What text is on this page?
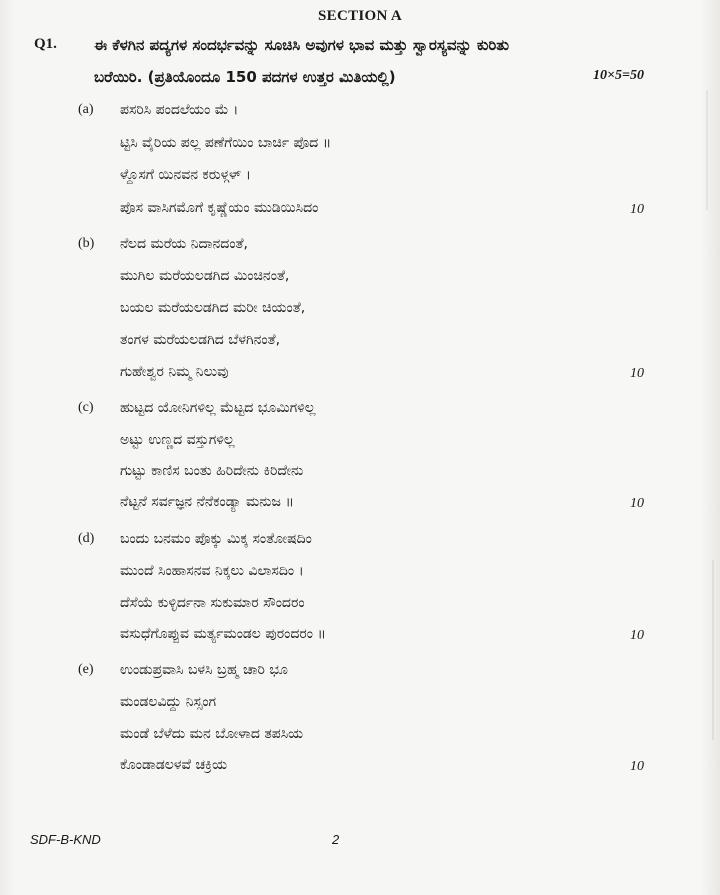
SECTION A
Q1. ಈ ಕೆಳಗಿನ ಪದ್ಯಗಳ ಸಂದರ್ಭವನ್ನು ಸೂಚಿಸಿ ಅವುಗಳ ಭಾವ ಮತ್ತು ಸ್ವಾರಸ್ಯವನ್ನು ಕುರಿತು
ಬರೆಯಿರಿ. (ಪ್ರತಿಯೊಂದೂ 150 ಪದಗಳ ಉತ್ತರ ಮಿತಿಯಲ್ಲಿ)	10×5=50
(a) ಪಸರಿಸಿ ಪಂದಲೆಯಂ ಮೆ ।
ಟ್ಟಿಸಿ ವೈರಿಯ ಪಲ್ಲ ಪಣೆಗೆಯಿಂ ಬಾರ್ಚಿ ಪೊದ ॥
ಳ್ದೊಸಗೆ ಯಿನವನ ಕರುಳ್ಗಳ್ ।
ಪೊಸ ವಾಸಿಗಮೊಗೆ ಕೃಷ್ಣೆಯಂ ಮುಡಿಯಿಸಿದಂ	10
(b) ನೆಲದ ಮರೆಯ ನಿದಾನದಂತೆ,
ಮುಗಿಲ ಮರೆಯಲಡಗಿದ ಮಿಂಚಿನಂತೆ,
ಬಯಲ ಮರೆಯಲಡಗಿದ ಮರೀ ಚಿಯಂತೆ,
ತಂಗಳ ಮರೆಯಲಡಗಿದ ಬೆಳಗಿನಂತೆ,
ಗುಹೇಶ್ವರ ನಿಮ್ಮ ನಿಲುವು	10
(c) ಹುಟ್ಟದ ಯೋನಿಗಳಿಲ್ಲ ಮೆಟ್ಟದ ಭೂಮಿಗಳಿಲ್ಲ
ಅಟ್ಟು ಉಣ್ಣದ ವಸ್ತುಗಳಿಲ್ಲ
ಗುಟ್ಟು ಕಾಣಿಸ ಬಂತು ಹಿರಿದೇನು ಕಿರಿದೇನು
ನೆಟ್ಟನೆ ಸರ್ವಜ್ಞನ ನೆನೆಕಂಡ್ಯಾ ಮನುಜ ॥	10
(d) ಬಂದು ಬನಮಂ ಪೊಕ್ಕು ಮಿಕ್ಕ ಸಂತೋಷದಿಂ
ಮುಂದೆ ಸಿಂಹಾಸನವ ನಿಕ್ಕಲು ವಿಲಾಸದಿಂ ।
ದೆಸೆಯೆ ಕುಳ್ಳಿರ್ದನಾ ಸುಕುಮಾರ ಸೌಂದರಂ
ವಸುಧೆಗೊಪ್ಪುವ ಮರ್ತ್ಯಮಂಡಲ ಪುರಂದರಂ ॥	10
(e) ಉಂಡುಪ್ರವಾಸಿ ಬಳಸಿ ಬ್ರಹ್ಮ ಚಾರಿ ಭೂ
ಮಂಡಲವಿದ್ದು ನಿಸ್ಸಂಗ
ಮಂಡೆ ಬೆಳೆದು ಮನ ಬೋಳಾದ ತಪಸಿಯ
ಕೊಂಡಾಡಲಳವೆ ಚಕ್ರಿಯ	10
SDF-B-KND	2
